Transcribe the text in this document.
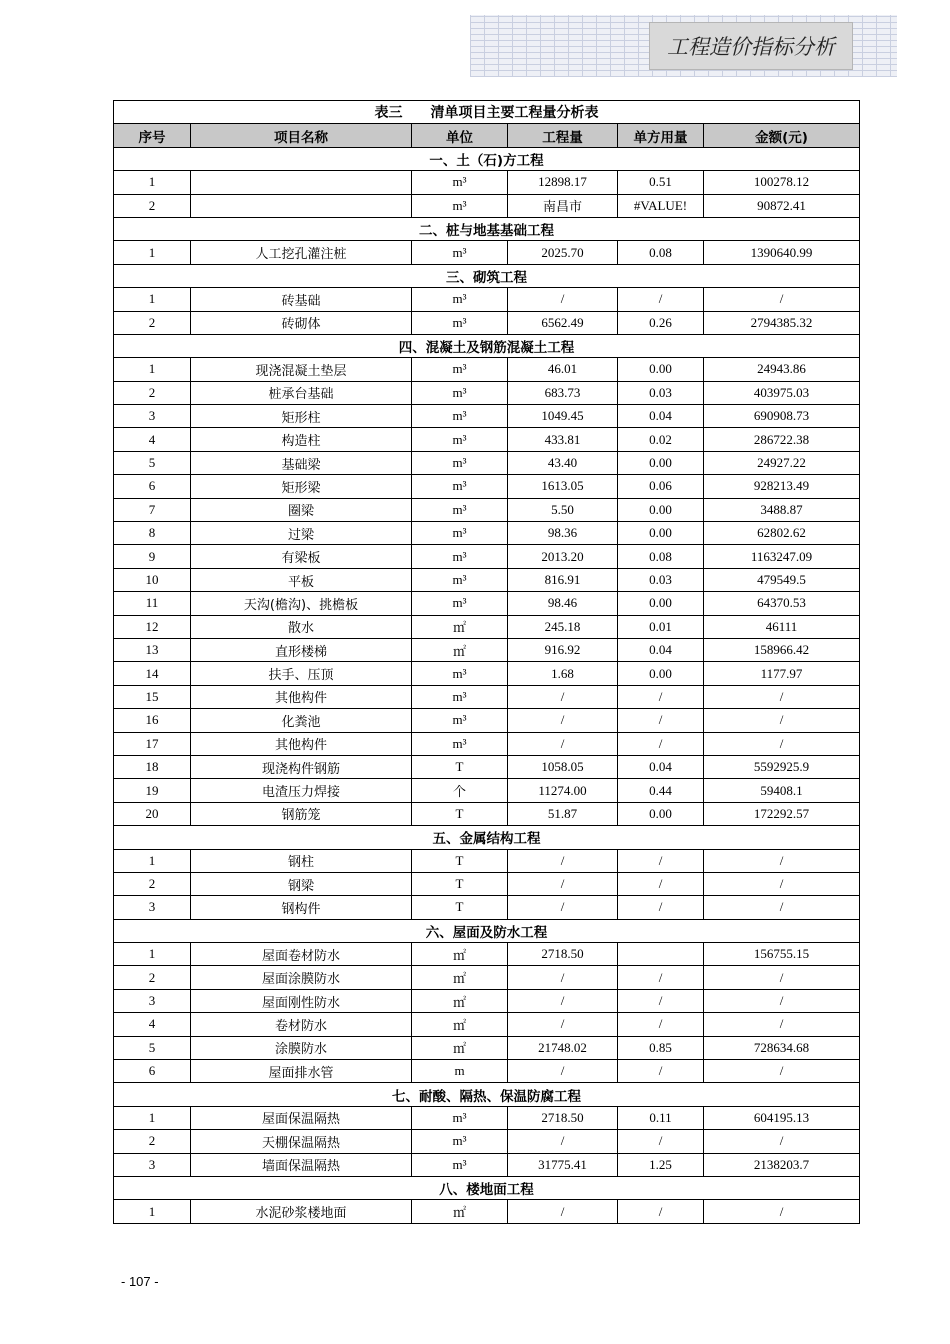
工程造价指标分析
表三　　清单项目主要工程量分析表					
序号	项目名称	单位	工程量	单方用量	金额(元)
一、土（石)方工程					
1		m³	12898.17	0.51	100278.12
2		m³	南昌市	#VALUE!	90872.41
二、桩与地基基础工程					
1	人工挖孔灌注桩	m³	2025.70	0.08	1390640.99
三、砌筑工程					
1	砖基础	m³	/	/	/
2	砖砌体	m³	6562.49	0.26	2794385.32
四、混凝土及钢筋混凝土工程					
1	现浇混凝土垫层	m³	46.01	0.00	24943.86
2	桩承台基础	m³	683.73	0.03	403975.03
3	矩形柱	m³	1049.45	0.04	690908.73
4	构造柱	m³	433.81	0.02	286722.38
5	基础梁	m³	43.40	0.00	24927.22
6	矩形梁	m³	1613.05	0.06	928213.49
7	圈梁	m³	5.50	0.00	3488.87
8	过梁	m³	98.36	0.00	62802.62
9	有梁板	m³	2013.20	0.08	1163247.09
10	平板	m³	816.91	0.03	479549.5
11	天沟(檐沟)、挑檐板	m³	98.46	0.00	64370.53
12	散水	㎡	245.18	0.01	46111
13	直形楼梯	㎡	916.92	0.04	158966.42
14	扶手、压顶	m³	1.68	0.00	1177.97
15	其他构件	m³	/	/	/
16	化粪池	m³	/	/	/
17	其他构件	m³	/	/	/
18	现浇构件钢筋	T	1058.05	0.04	5592925.9
19	电渣压力焊接	个	11274.00	0.44	59408.1
20	钢筋笼	T	51.87	0.00	172292.57
五、金属结构工程					
1	钢柱	T	/	/	/
2	钢梁	T	/	/	/
3	钢构件	T	/	/	/
六、屋面及防水工程					
1	屋面卷材防水	㎡	2718.50		156755.15
2	屋面涂膜防水	㎡	/	/	/
3	屋面刚性防水	㎡	/	/	/
4	卷材防水	㎡	/	/	/
5	涂膜防水	㎡	21748.02	0.85	728634.68
6	屋面排水管	m	/	/	/
七、耐酸、隔热、保温防腐工程					
1	屋面保温隔热	m³	2718.50	0.11	604195.13
2	天棚保温隔热	m³	/	/	/
3	墙面保温隔热	m³	31775.41	1.25	2138203.7
八、楼地面工程					
1	水泥砂浆楼地面	㎡	/	/	/
- 107 -
